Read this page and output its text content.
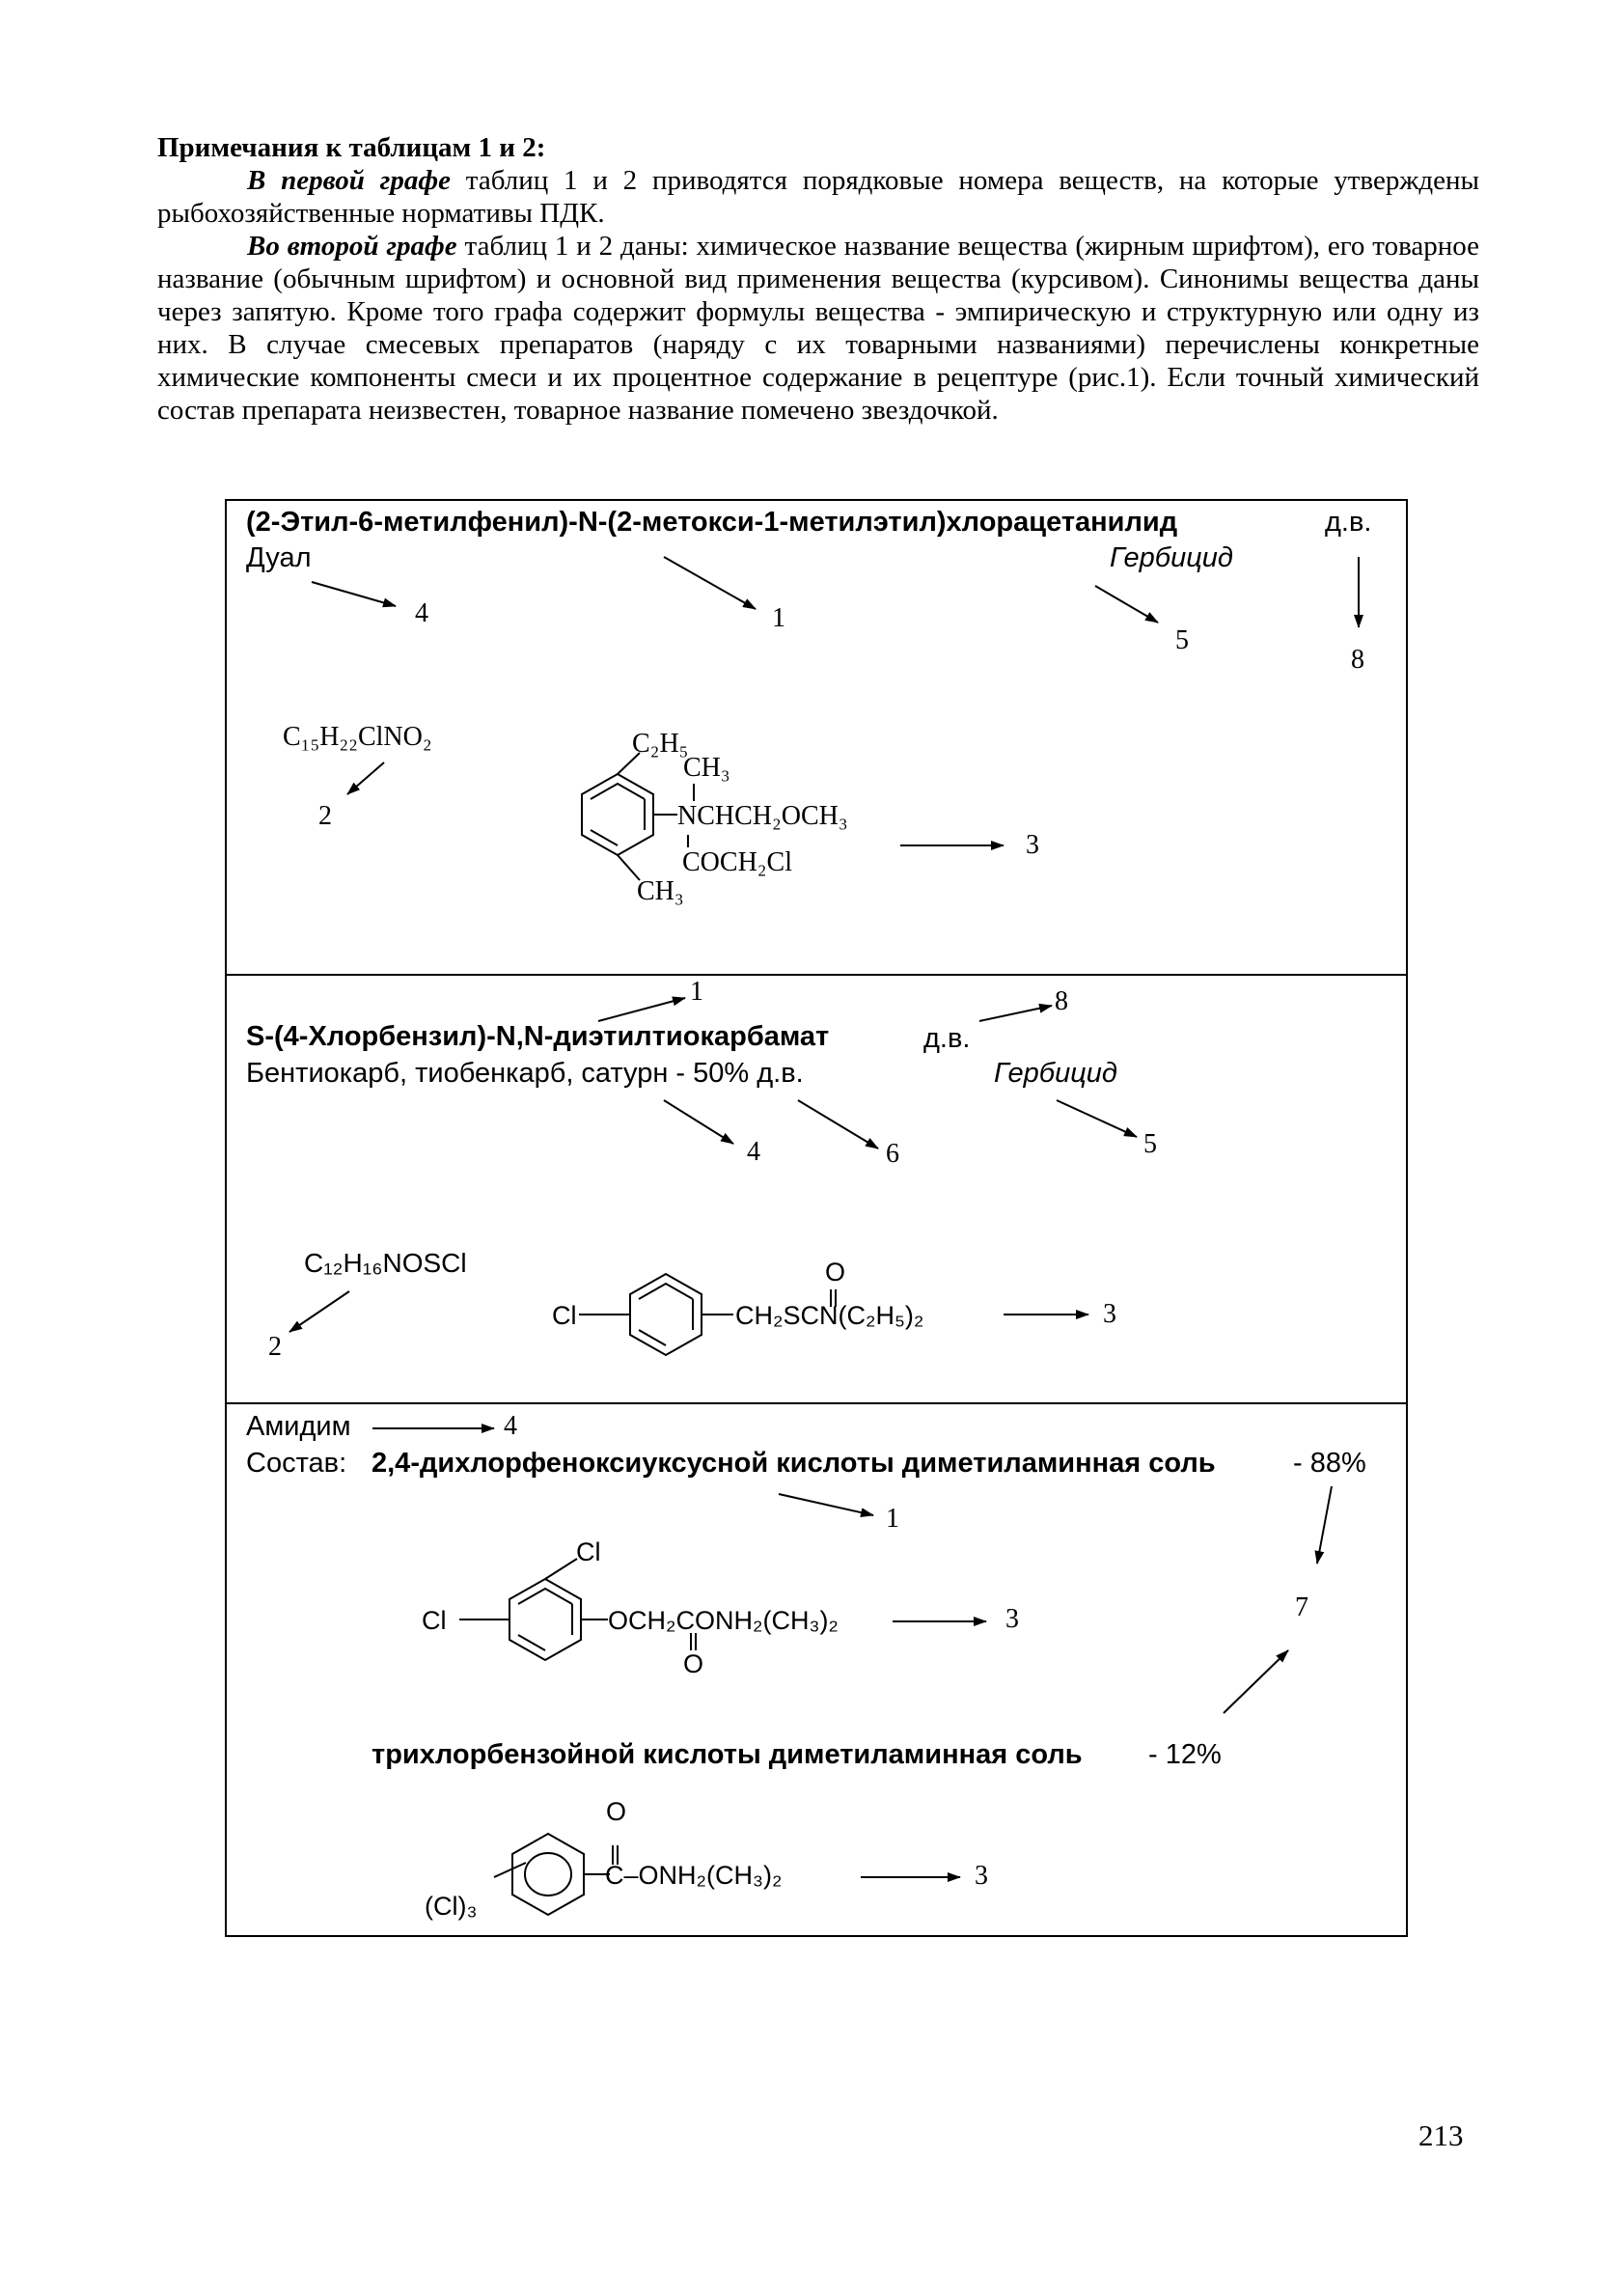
Примечания к таблицам 1 и 2:

В первой графе таблиц 1 и 2 приводятся порядковые номера веществ, на которые утверждены рыбохозяйственные нормативы ПДК.

Во второй графе таблиц 1 и 2 даны: химическое название вещества (жирным шрифтом), его товарное название (обычным шрифтом) и основной вид применения вещества (курсивом). Синонимы вещества даны через запятую. Кроме того графа содержит формулы вещества - эмпирическую и структурную или одну из них. В случае смесевых препаратов (наряду с их товарными названиями) перечислены конкретные химические компоненты смеси и их процентное содержание в рецептуре (рис.1). Если точный химический состав препарата неизвестен, товарное название помечено звездочкой.

(2-Этил-6-метилфенил)-N-(2-метокси-1-метилэтил)хлорацетанилид	д.в.
Дуал	Гербицид
4	1
5
8
C₁₅H₂₂ClNO₂
2
C₂H₅
CH₃
NCHCH₂OCH₃
COCH₂Cl
CH₃
3
1	8
S-(4-Хлорбензил)-N,N-диэтилтиокарбамат	д.в.
Бентиокарб, тиобенкарб, сатурн - 50% д.в.	Гербицид
4	6	5
C₁₂H₁₆NOSCl
2
Cl
O
CH₂SCN(C₂H₅)₂	3
Амидим	4
Состав: 2,4-дихлорфеноксиуксусной кислоты диметиламинная соль	- 88%
1
Cl
Cl	OCH₂CONH₂(CH₃)₂
O
3	7
трихлорбензойной кислоты диметиламинная соль - 12%
O
C–ONH₂(CH₃)₂
(Cl)₃
3
213
